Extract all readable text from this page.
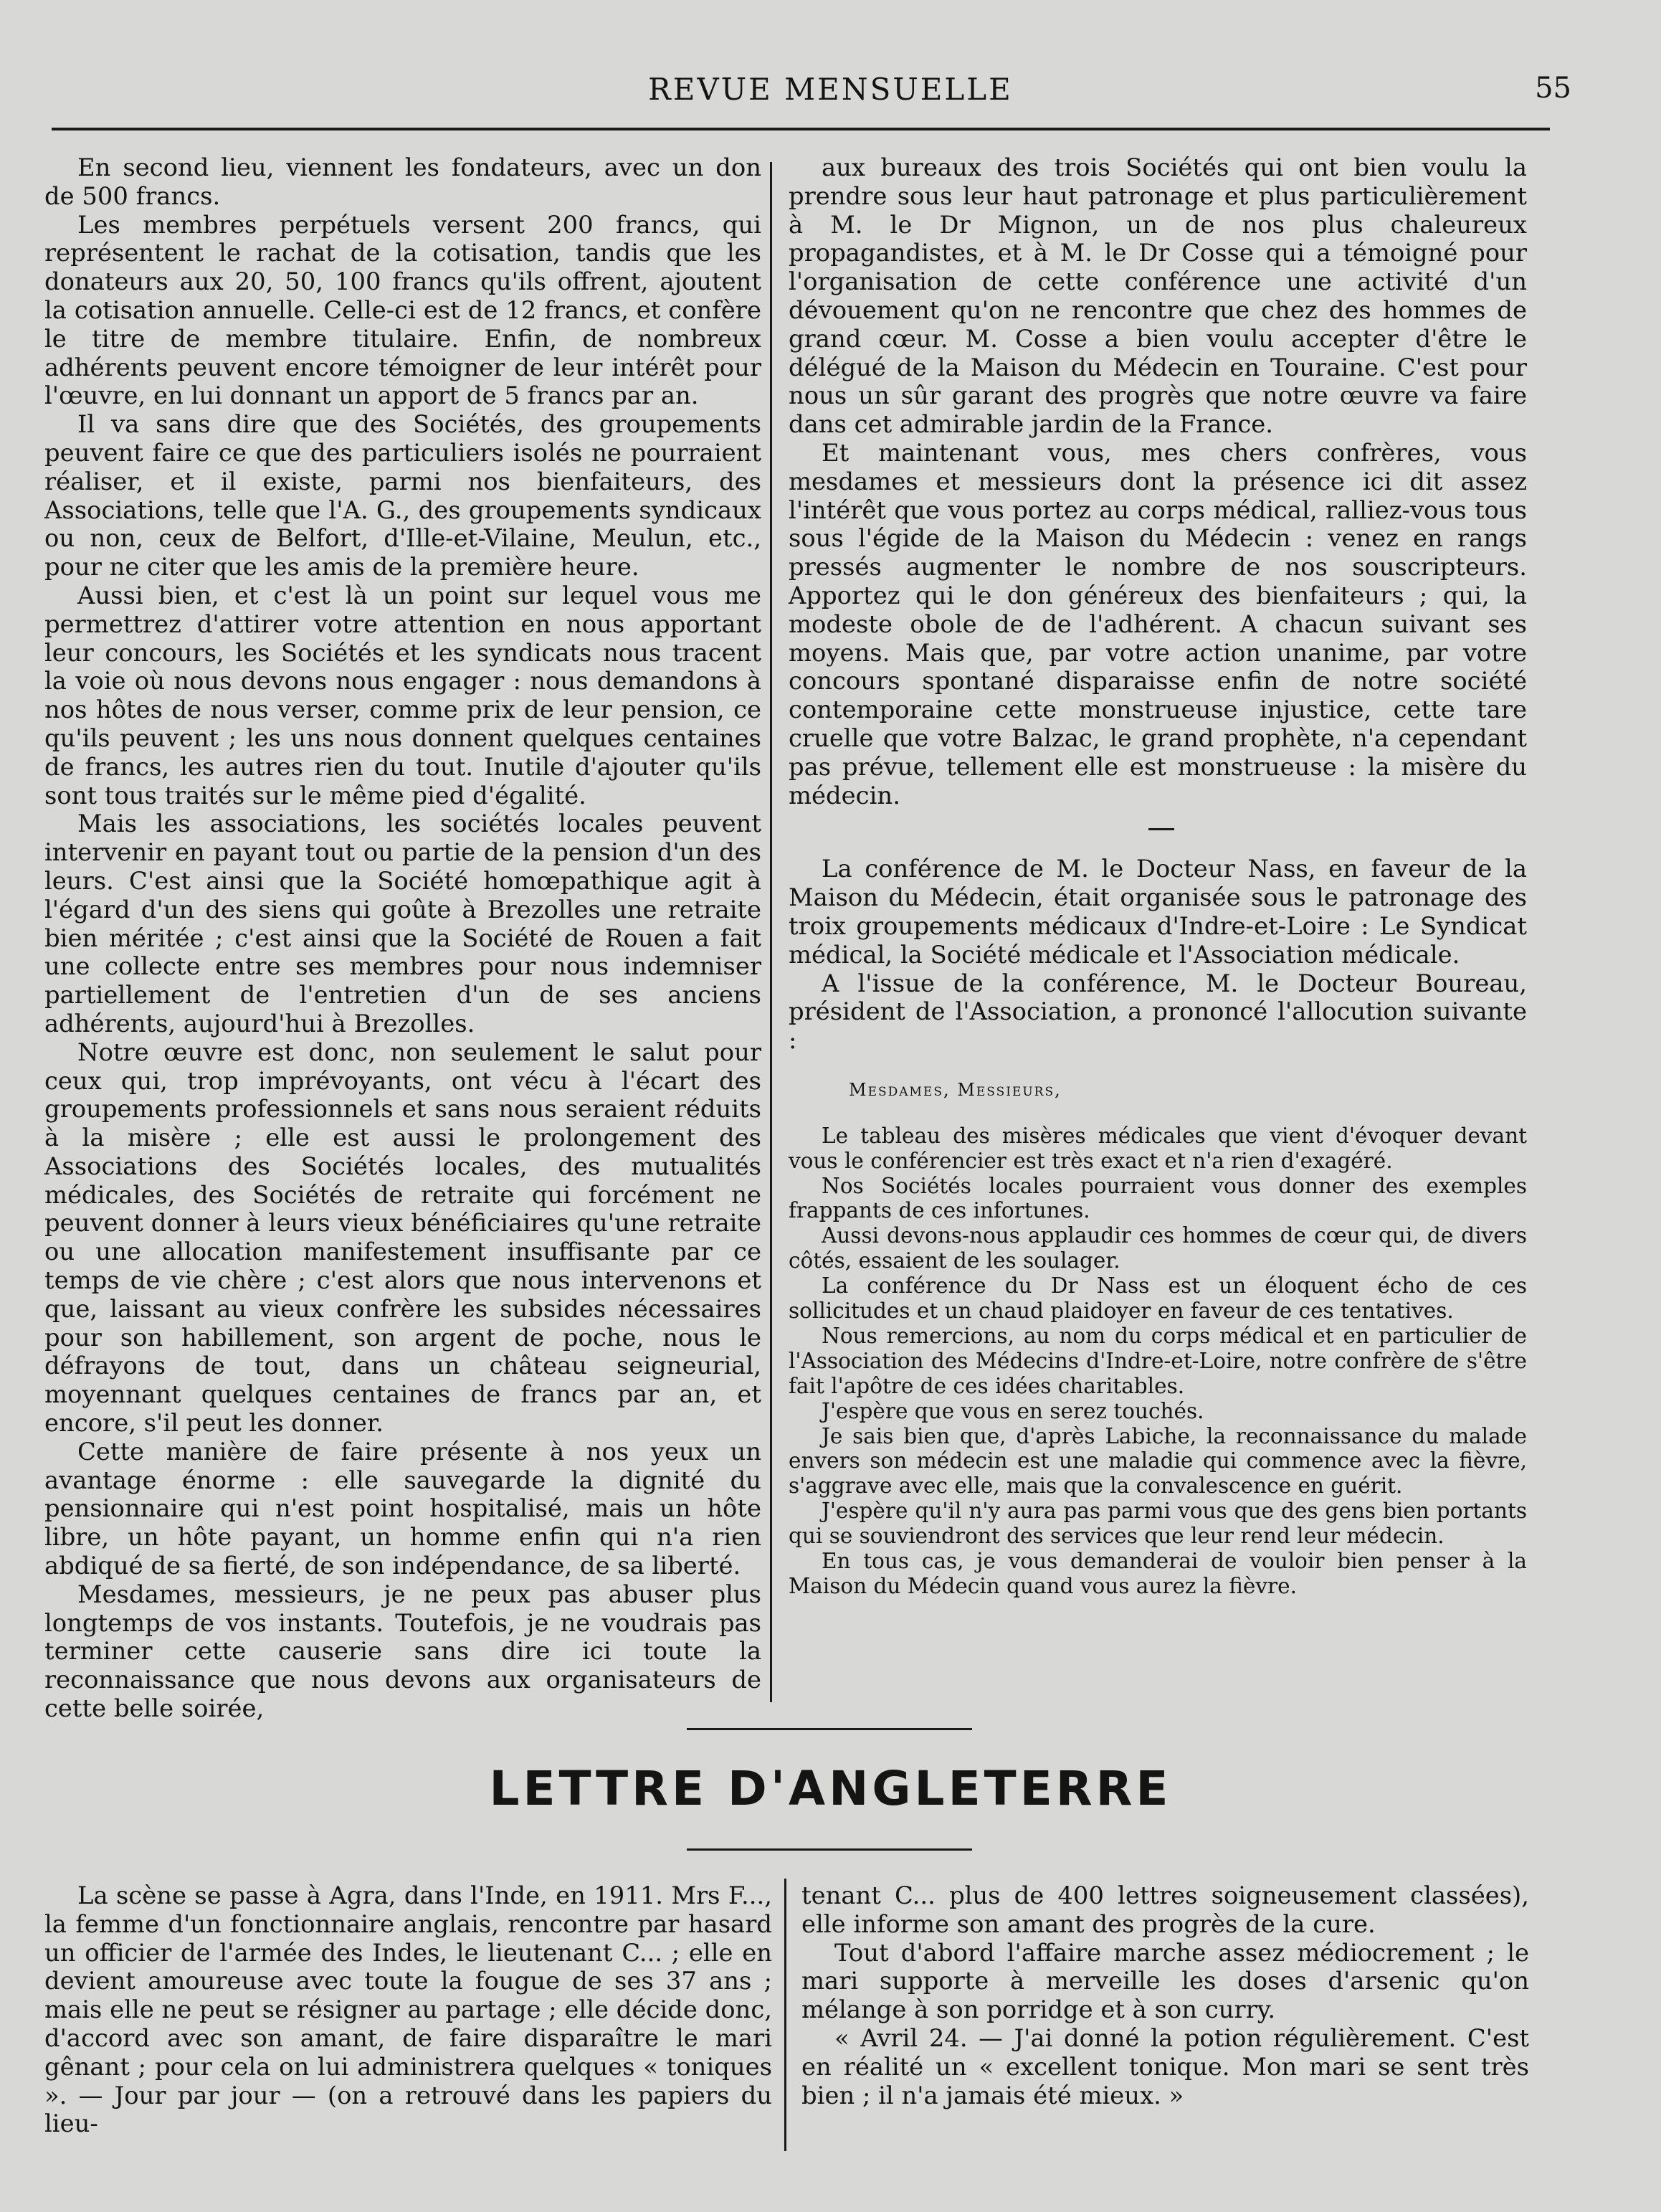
REVUE MENSUELLE	55

En second lieu, viennent les fondateurs, avec un don de 500 francs.

Les membres perpétuels versent 200 francs, qui représentent le rachat de la cotisation, tandis que les donateurs aux 20, 50, 100 francs qu'ils offrent, ajoutent la cotisation annuelle. Celle-ci est de 12 francs, et confère le titre de membre titulaire. Enfin, de nombreux adhérents peuvent encore témoigner de leur intérêt pour l'œuvre, en lui donnant un apport de 5 francs par an.

Il va sans dire que des Sociétés, des groupements peuvent faire ce que des particuliers isolés ne pourraient réaliser, et il existe, parmi nos bienfaiteurs, des Associations, telle que l'A. G., des groupements syndicaux ou non, ceux de Belfort, d'Ille-et-Vilaine, Meulun, etc., pour ne citer que les amis de la première heure.

Aussi bien, et c'est là un point sur lequel vous me permettrez d'attirer votre attention en nous apportant leur concours, les Sociétés et les syndicats nous tracent la voie où nous devons nous engager : nous demandons à nos hôtes de nous verser, comme prix de leur pension, ce qu'ils peuvent ; les uns nous donnent quelques centaines de francs, les autres rien du tout. Inutile d'ajouter qu'ils sont tous traités sur le même pied d'égalité.

Mais les associations, les sociétés locales peuvent intervenir en payant tout ou partie de la pension d'un des leurs. C'est ainsi que la Société homœpathique agit à l'égard d'un des siens qui goûte à Brezolles une retraite bien méritée ; c'est ainsi que la Société de Rouen a fait une collecte entre ses membres pour nous indemniser partiellement de l'entretien d'un de ses anciens adhérents, aujourd'hui à Brezolles.

Notre œuvre est donc, non seulement le salut pour ceux qui, trop imprévoyants, ont vécu à l'écart des groupements professionnels et sans nous seraient réduits à la misère ; elle est aussi le prolongement des Associations des Sociétés locales, des mutualités médicales, des Sociétés de retraite qui forcément ne peuvent donner à leurs vieux bénéficiaires qu'une retraite ou une allocation manifestement insuffisante par ce temps de vie chère ; c'est alors que nous intervenons et que, laissant au vieux confrère les subsides nécessaires pour son habillement, son argent de poche, nous le défrayons de tout, dans un château seigneurial, moyennant quelques centaines de francs par an, et encore, s'il peut les donner.

Cette manière de faire présente à nos yeux un avantage énorme : elle sauvegarde la dignité du pensionnaire qui n'est point hospitalisé, mais un hôte libre, un hôte payant, un homme enfin qui n'a rien abdiqué de sa fierté, de son indépendance, de sa liberté.

Mesdames, messieurs, je ne peux pas abuser plus longtemps de vos instants. Toutefois, je ne voudrais pas terminer cette causerie sans dire ici toute la reconnaissance que nous devons aux organisateurs de cette belle soirée,

aux bureaux des trois Sociétés qui ont bien voulu la prendre sous leur haut patronage et plus particulièrement à M. le Dr Mignon, un de nos plus chaleureux propagandistes, et à M. le Dr Cosse qui a témoigné pour l'organisation de cette conférence une activité d'un dévouement qu'on ne rencontre que chez des hommes de grand cœur. M. Cosse a bien voulu accepter d'être le délégué de la Maison du Médecin en Touraine. C'est pour nous un sûr garant des progrès que notre œuvre va faire dans cet admirable jardin de la France.

Et maintenant vous, mes chers confrères, vous mesdames et messieurs dont la présence ici dit assez l'intérêt que vous portez au corps médical, ralliez-vous tous sous l'égide de la Maison du Médecin : venez en rangs pressés augmenter le nombre de nos souscripteurs. Apportez qui le don généreux des bienfaiteurs ; qui, la modeste obole de de l'adhérent. A chacun suivant ses moyens. Mais que, par votre action unanime, par votre concours spontané disparaisse enfin de notre société contemporaine cette monstrueuse injustice, cette tare cruelle que votre Balzac, le grand prophète, n'a cependant pas prévue, tellement elle est monstrueuse : la misère du médecin.

La conférence de M. le Docteur Nass, en faveur de la Maison du Médecin, était organisée sous le patronage des troix groupements médicaux d'Indre-et-Loire : Le Syndicat médical, la Société médicale et l'Association médicale.

A l'issue de la conférence, M. le Docteur Boureau, président de l'Association, a prononcé l'allocution suivante :

Mesdames, Messieurs,

Le tableau des misères médicales que vient d'évoquer devant vous le conférencier est très exact et n'a rien d'exagéré.

Nos Sociétés locales pourraient vous donner des exemples frappants de ces infortunes.

Aussi devons-nous applaudir ces hommes de cœur qui, de divers côtés, essaient de les soulager.

La conférence du Dr Nass est un éloquent écho de ces sollicitudes et un chaud plaidoyer en faveur de ces tentatives.

Nous remercions, au nom du corps médical et en particulier de l'Association des Médecins d'Indre-et-Loire, notre confrère de s'être fait l'apôtre de ces idées charitables.

J'espère que vous en serez touchés.

Je sais bien que, d'après Labiche, la reconnaissance du malade envers son médecin est une maladie qui commence avec la fièvre, s'aggrave avec elle, mais que la convalescence en guérit.

J'espère qu'il n'y aura pas parmi vous que des gens bien portants qui se souviendront des services que leur rend leur médecin.

En tous cas, je vous demanderai de vouloir bien penser à la Maison du Médecin quand vous aurez la fièvre.

LETTRE D'ANGLETERRE

La scène se passe à Agra, dans l'Inde, en 1911. Mrs F..., la femme d'un fonctionnaire anglais, rencontre par hasard un officier de l'armée des Indes, le lieutenant C... ; elle en devient amoureuse avec toute la fougue de ses 37 ans ; mais elle ne peut se résigner au partage ; elle décide donc, d'accord avec son amant, de faire disparaître le mari gênant ; pour cela on lui administrera quelques « toniques ». — Jour par jour — (on a retrouvé dans les papiers du lieu-

tenant C... plus de 400 lettres soigneusement classées), elle informe son amant des progrès de la cure.

Tout d'abord l'affaire marche assez médiocrement ; le mari supporte à merveille les doses d'arsenic qu'on mélange à son porridge et à son curry.

« Avril 24. — J'ai donné la potion régulièrement. C'est en réalité un « excellent tonique. Mon mari se sent très bien ; il n'a jamais été mieux. »
